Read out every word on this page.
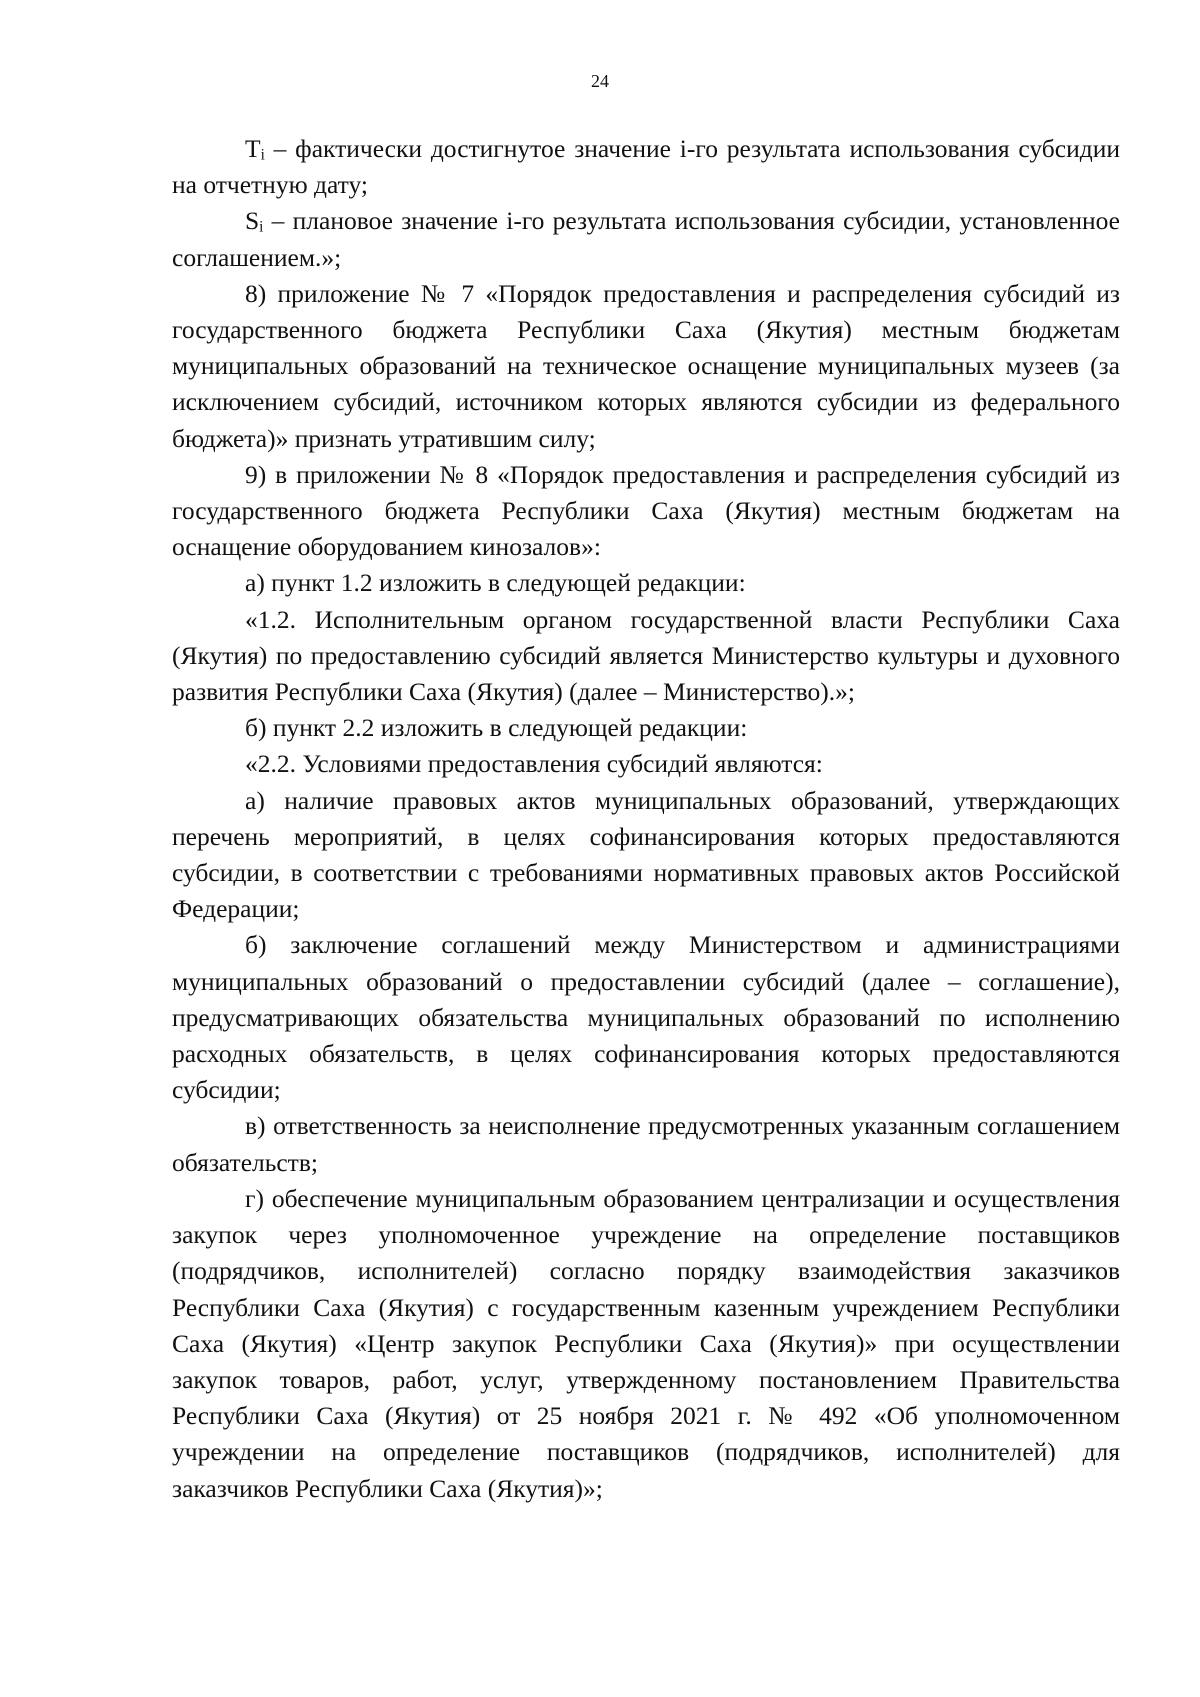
24

Tᵢ – фактически достигнутое значение i-го результата использования субсидии на отчетную дату;

Sᵢ – плановое значение i-го результата использования субсидии, установленное соглашением.»;

8) приложение № 7 «Порядок предоставления и распределения субсидий из государственного бюджета Республики Саха (Якутия) местным бюджетам муниципальных образований на техническое оснащение муниципальных музеев (за исключением субсидий, источником которых являются субсидии из федерального бюджета)» признать утратившим силу;

9) в приложении № 8 «Порядок предоставления и распределения субсидий из государственного бюджета Республики Саха (Якутия) местным бюджетам на оснащение оборудованием кинозалов»:

а) пункт 1.2 изложить в следующей редакции:

«1.2. Исполнительным органом государственной власти Республики Саха (Якутия) по предоставлению субсидий является Министерство культуры и духовного развития Республики Саха (Якутия) (далее – Министерство).»;

б) пункт 2.2 изложить в следующей редакции:

«2.2. Условиями предоставления субсидий являются:

а) наличие правовых актов муниципальных образований, утверждающих перечень мероприятий, в целях софинансирования которых предоставляются субсидии, в соответствии с требованиями нормативных правовых актов Российской Федерации;

б) заключение соглашений между Министерством и администрациями муниципальных образований о предоставлении субсидий (далее – соглашение), предусматривающих обязательства муниципальных образований по исполнению расходных обязательств, в целях софинансирования которых предоставляются субсидии;

в) ответственность за неисполнение предусмотренных указанным соглашением обязательств;

г) обеспечение муниципальным образованием централизации и осуществления закупок через уполномоченное учреждение на определение поставщиков (подрядчиков, исполнителей) согласно порядку взаимодействия заказчиков Республики Саха (Якутия) с государственным казенным учреждением Республики Саха (Якутия) «Центр закупок Республики Саха (Якутия)» при осуществлении закупок товаров, работ, услуг, утвержденному постановлением Правительства Республики Саха (Якутия) от 25 ноября 2021 г. № 492 «Об уполномоченном учреждении на определение поставщиков (подрядчиков, исполнителей) для заказчиков Республики Саха (Якутия)»;
